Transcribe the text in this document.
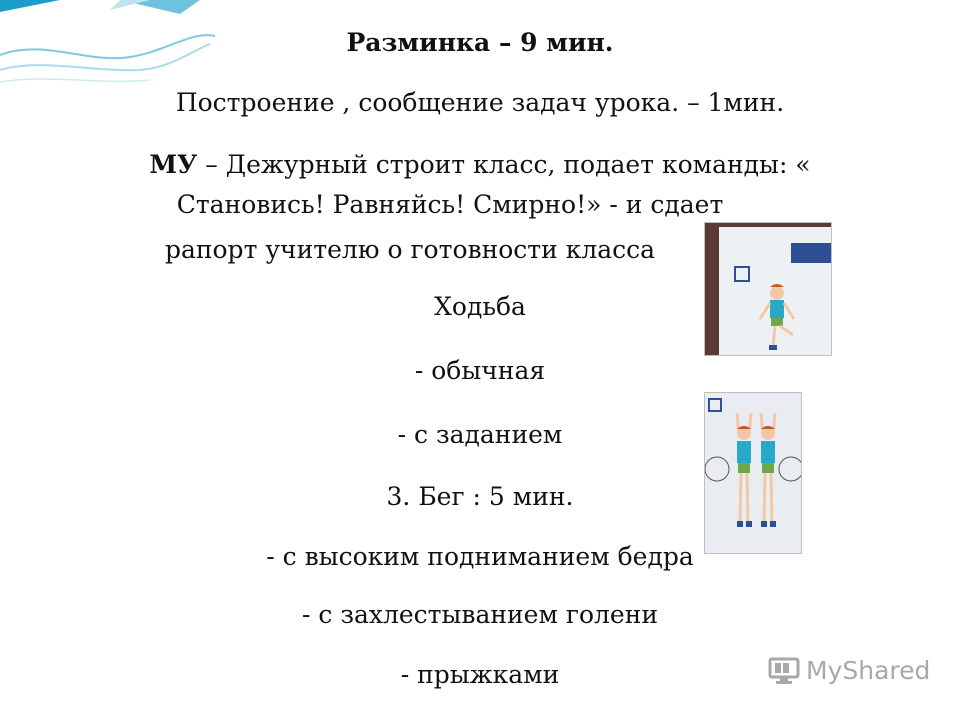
Разминка – 9 мин.
Построение , сообщение задач урока. – 1мин.
МУ – Дежурный строит класс, подает команды: «
Становись! Равняйсь! Смирно!» - и сдает
рапорт учителю о готовности класса
Ходьба
- обычная
- с заданием
3. Бег : 5 мин.
- с высоким подниманием бедра
- с захлестыванием голени
- прыжками	MyShared
